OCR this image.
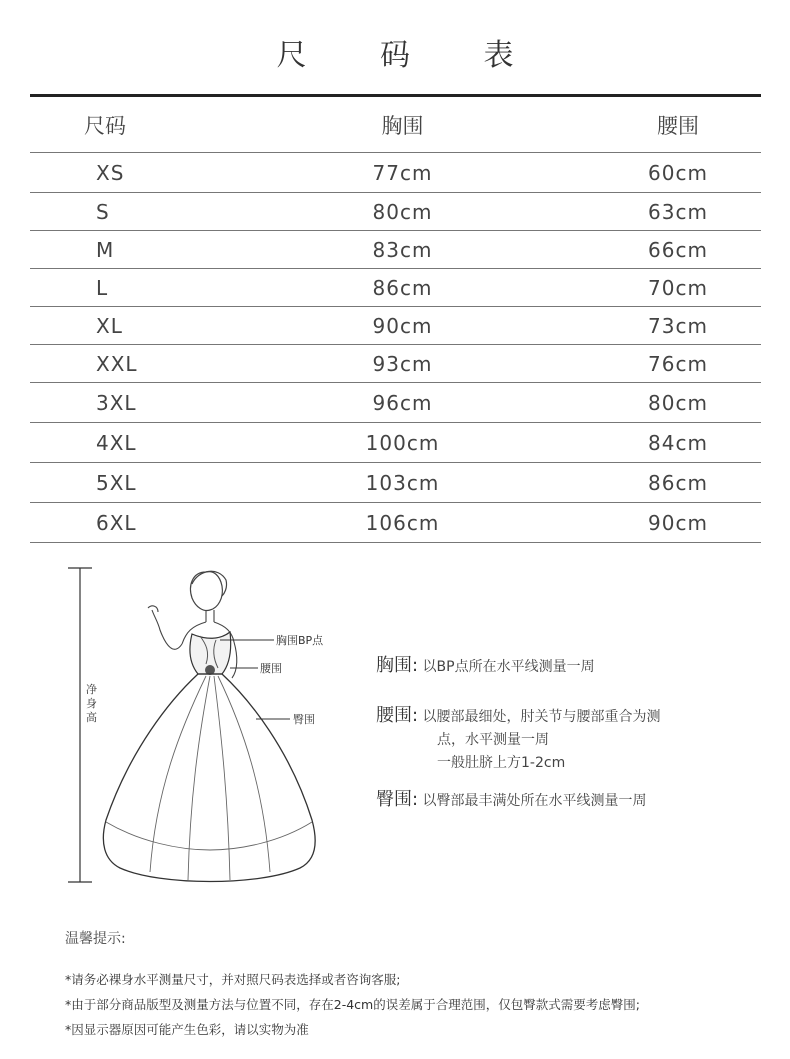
尺 码 表
尺码	胸围	腰围
XS	77cm	60cm
S	80cm	63cm
M	83cm	66cm
L	86cm	70cm
XL	90cm	73cm
XXL	93cm	76cm
3XL	96cm	80cm
4XL	100cm	84cm
5XL	103cm	86cm
6XL	106cm	90cm
胸围BP点
腰围
臀围
净
身
高
胸围: 以BP点所在水平线测量一周
腰围: 以腰部最细处，肘关节与腰部重合为测
点，水平测量一周
一般肚脐上方1-2cm
臀围: 以臀部最丰满处所在水平线测量一周
温馨提示:
*请务必裸身水平测量尺寸，并对照尺码表选择或者咨询客服;
*由于部分商品版型及测量方法与位置不同，存在2-4cm的误差属于合理范围，仅包臀款式需要考虑臀围;
*因显示器原因可能产生色彩，请以实物为准
